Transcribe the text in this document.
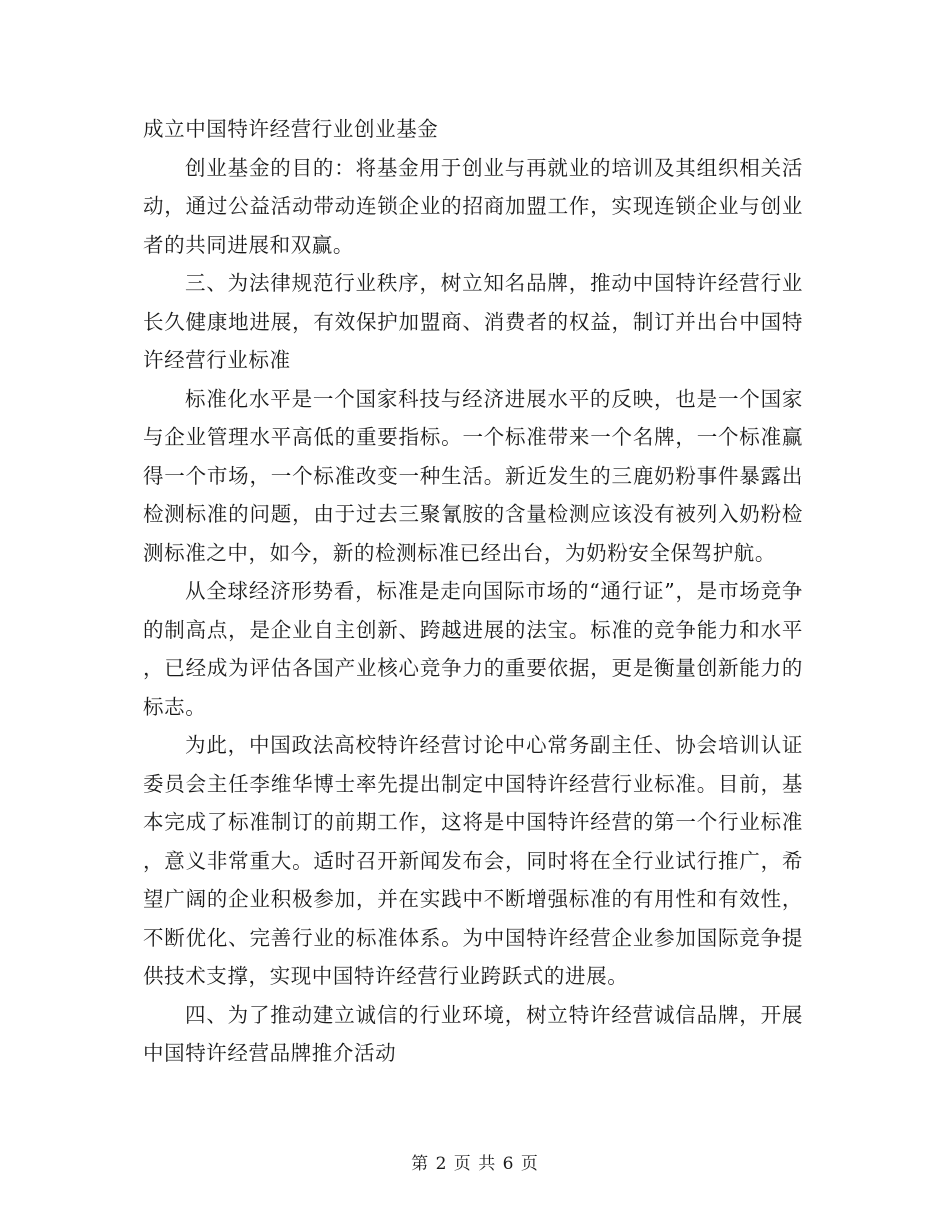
成立中国特许经营行业创业基金

创业基金的目的：将基金用于创业与再就业的培训及其组织相关活动，通过公益活动带动连锁企业的招商加盟工作，实现连锁企业与创业者的共同进展和双赢。

三、为法律规范行业秩序，树立知名品牌，推动中国特许经营行业长久健康地进展，有效保护加盟商、消费者的权益，制订并出台中国特许经营行业标准

标准化水平是一个国家科技与经济进展水平的反映，也是一个国家与企业管理水平高低的重要指标。一个标准带来一个名牌，一个标准赢得一个市场，一个标准改变一种生活。新近发生的三鹿奶粉事件暴露出检测标准的问题，由于过去三聚氰胺的含量检测应该没有被列入奶粉检测标准之中，如今，新的检测标准已经出台，为奶粉安全保驾护航。

从全球经济形势看，标准是走向国际市场的“通行证”，是市场竞争的制高点，是企业自主创新、跨越进展的法宝。标准的竞争能力和水平，已经成为评估各国产业核心竞争力的重要依据，更是衡量创新能力的标志。

为此，中国政法高校特许经营讨论中心常务副主任、协会培训认证委员会主任李维华博士率先提出制定中国特许经营行业标准。目前，基本完成了标准制订的前期工作，这将是中国特许经营的第一个行业标准，意义非常重大。适时召开新闻发布会，同时将在全行业试行推广，希望广阔的企业积极参加，并在实践中不断增强标准的有用性和有效性，不断优化、完善行业的标准体系。为中国特许经营企业参加国际竞争提供技术支撑，实现中国特许经营行业跨跃式的进展。

四、为了推动建立诚信的行业环境，树立特许经营诚信品牌，开展中国特许经营品牌推介活动

第 2 页 共 6 页
